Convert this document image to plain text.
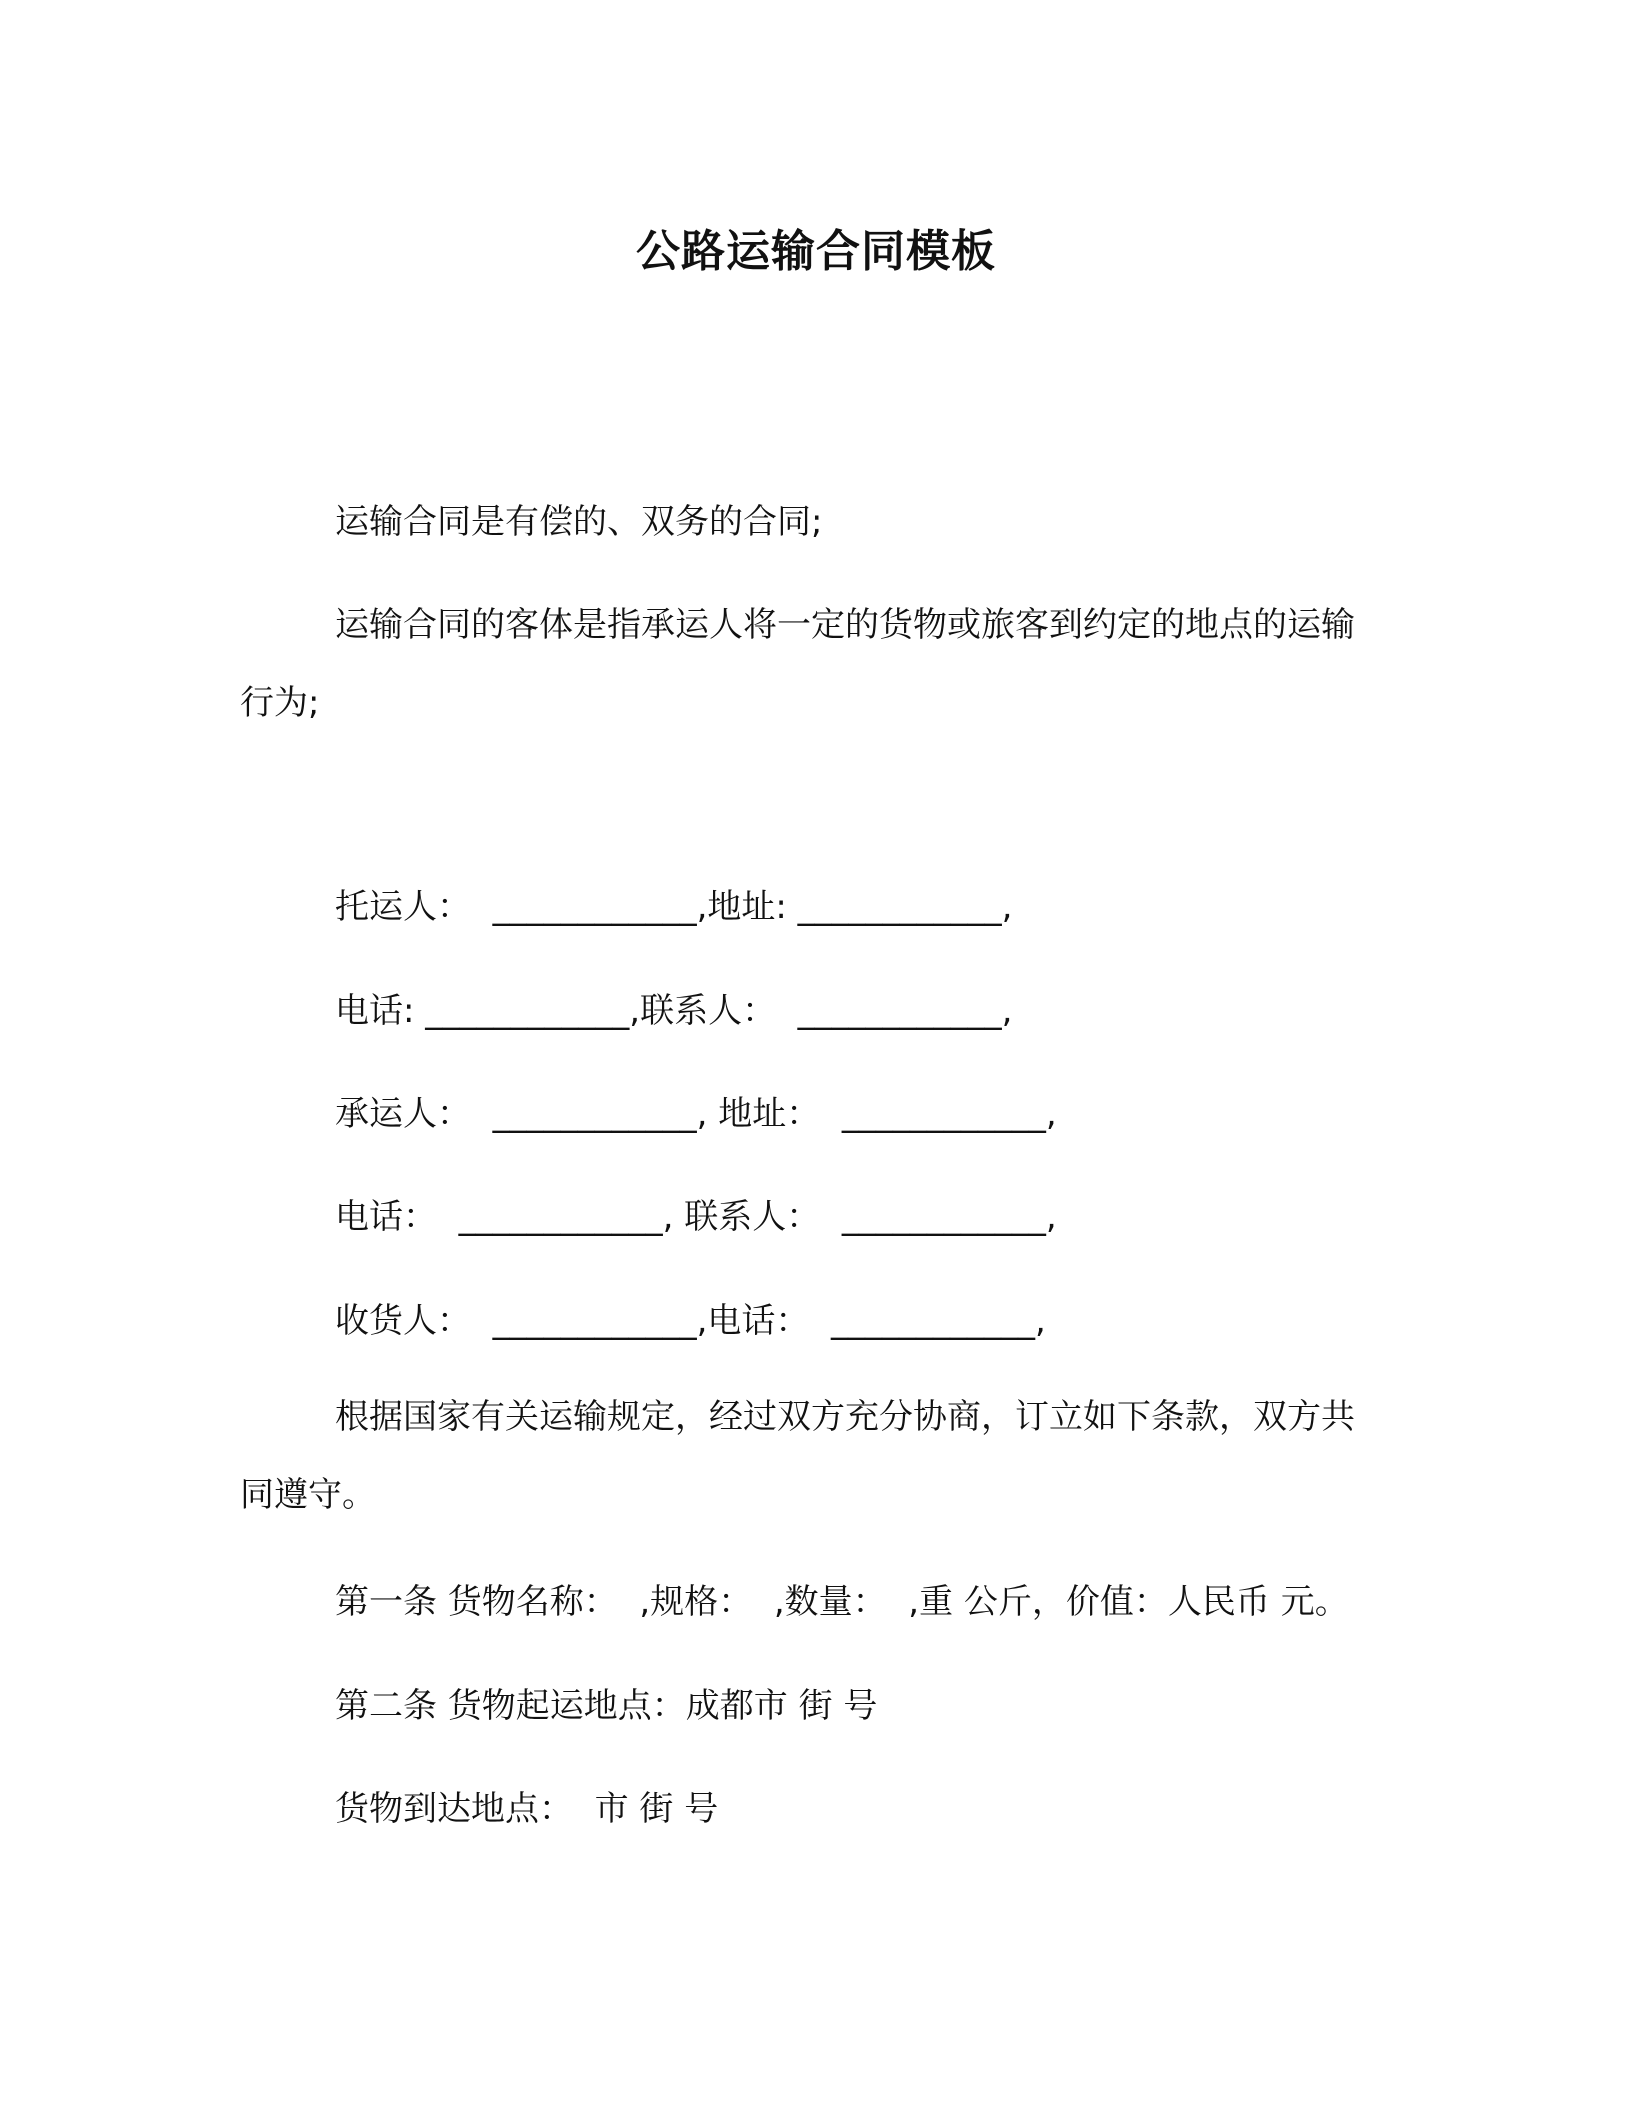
公路运输合同模板
运输合同是有偿的、双务的合同;
运输合同的客体是指承运人将一定的货物或旅客到约定的地点的运输行为;
托运人：  ____________,地址: ____________,
电话: ____________,联系人：  ____________,
承运人：  ____________, 地址：  ____________,
电话：  ____________, 联系人：  ____________,
收货人：  ____________,电话：  ____________,
根据国家有关运输规定，经过双方充分协商，订立如下条款，双方共同遵守。
第一条 货物名称：  ,规格：  ,数量：  ,重 公斤，价值：人民币 元。
第二条 货物起运地点：成都市 街 号
货物到达地点：  市 街 号
